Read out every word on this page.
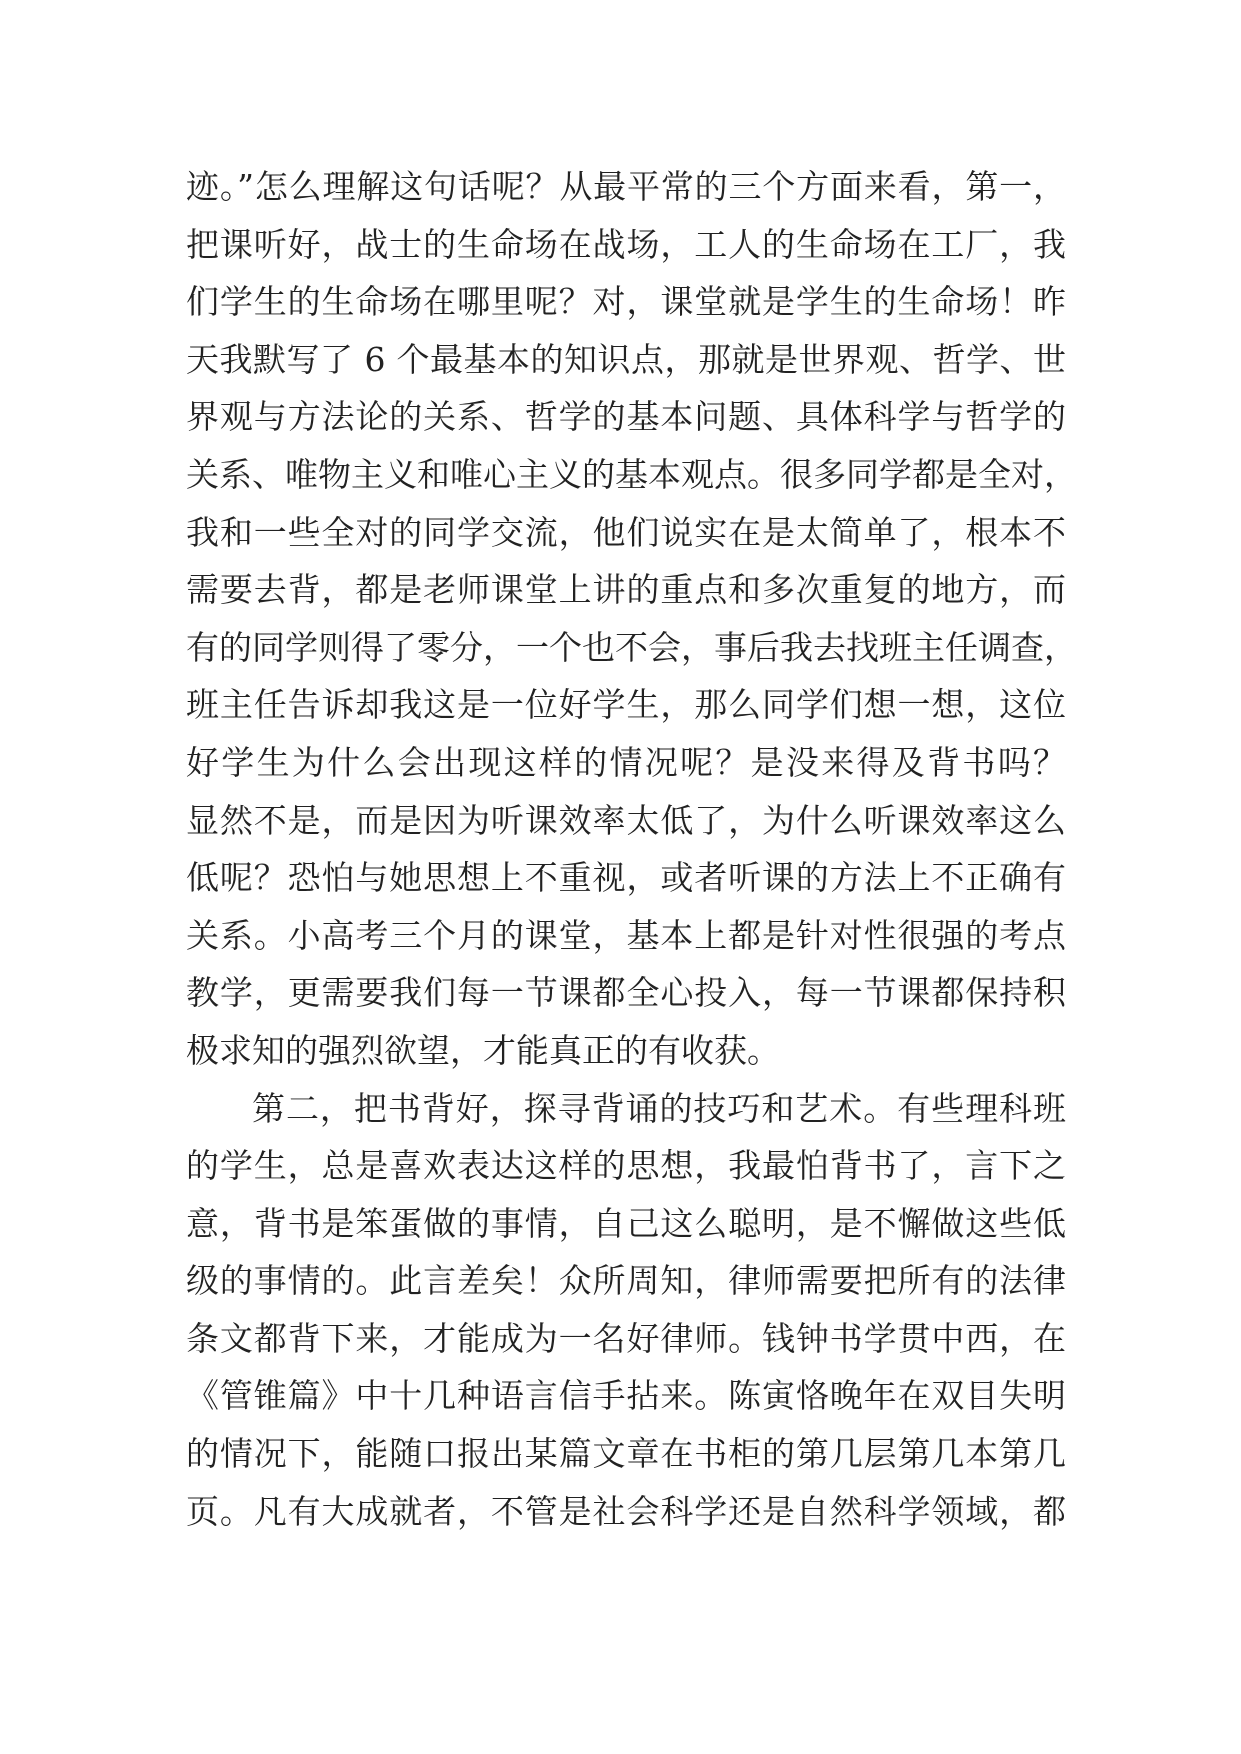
迹。”怎么理解这句话呢？从最平常的三个方面来看，第一，
把课听好，战士的生命场在战场，工人的生命场在工厂，我
们学生的生命场在哪里呢？对，课堂就是学生的生命场！昨
天我默写了 6 个最基本的知识点，那就是世界观、哲学、世
界观与方法论的关系、哲学的基本问题、具体科学与哲学的
关系、唯物主义和唯心主义的基本观点。很多同学都是全对，
我和一些全对的同学交流，他们说实在是太简单了，根本不
需要去背，都是老师课堂上讲的重点和多次重复的地方，而
有的同学则得了零分，一个也不会，事后我去找班主任调查，
班主任告诉却我这是一位好学生，那么同学们想一想，这位
好学生为什么会出现这样的情况呢？是没来得及背书吗？
显然不是，而是因为听课效率太低了，为什么听课效率这么
低呢？恐怕与她思想上不重视，或者听课的方法上不正确有
关系。小高考三个月的课堂，基本上都是针对性很强的考点
教学，更需要我们每一节课都全心投入，每一节课都保持积
极求知的强烈欲望，才能真正的有收获。
第二，把书背好，探寻背诵的技巧和艺术。有些理科班
的学生，总是喜欢表达这样的思想，我最怕背书了，言下之
意，背书是笨蛋做的事情，自己这么聪明，是不懈做这些低
级的事情的。此言差矣！众所周知，律师需要把所有的法律
条文都背下来，才能成为一名好律师。钱钟书学贯中西，在
《管锥篇》中十几种语言信手拈来。陈寅恪晚年在双目失明
的情况下，能随口报出某篇文章在书柜的第几层第几本第几
页。凡有大成就者，不管是社会科学还是自然科学领域，都
